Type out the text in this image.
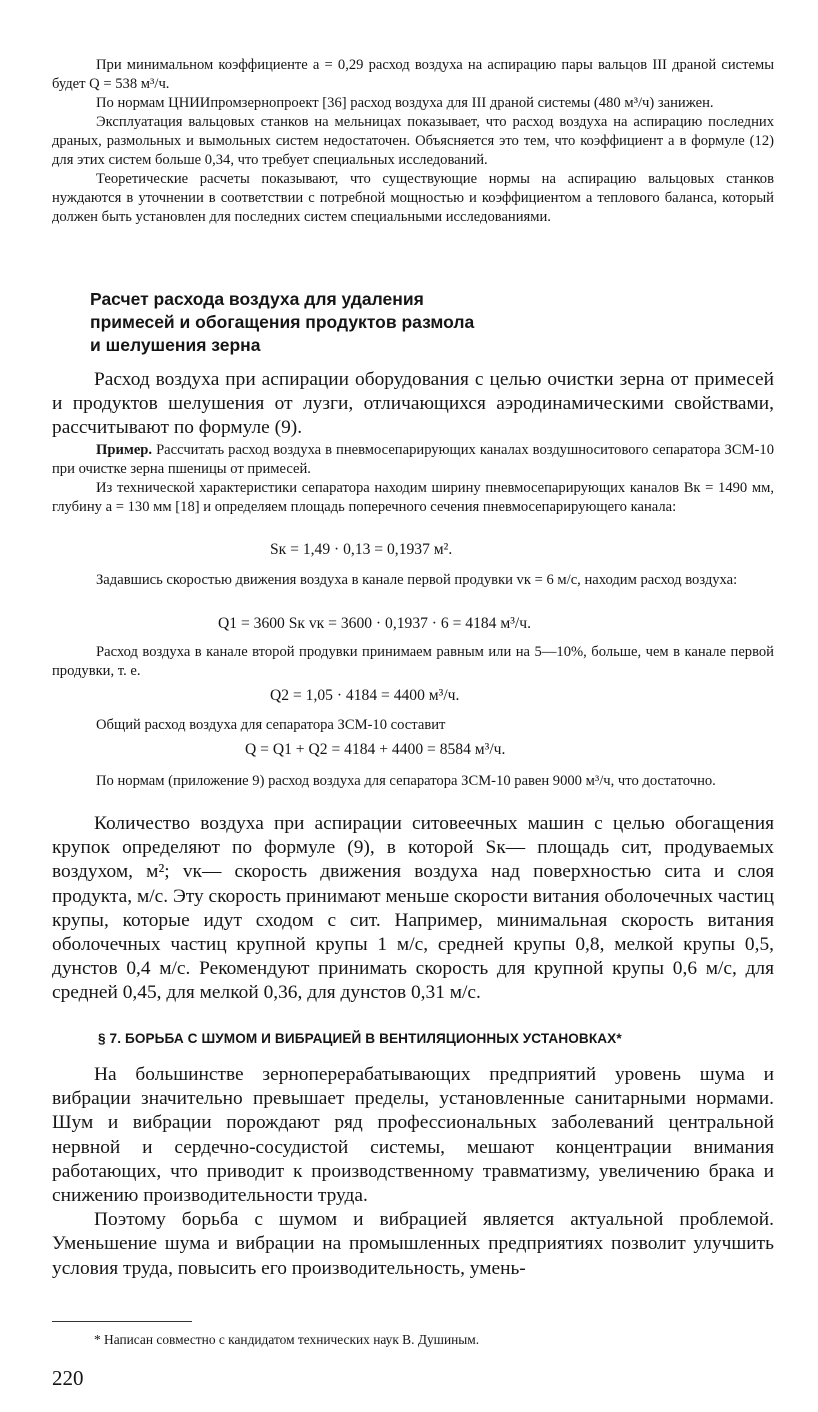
При минимальном коэффициенте a = 0,29 расход воздуха на аспирацию пары вальцов III драной системы будет Q = 538 м³/ч.

По нормам ЦНИИпромзернопроект [36] расход воздуха для III драной системы (480 м³/ч) занижен.

Эксплуатация вальцовых станков на мельницах показывает, что расход воздуха на аспирацию последних драных, размольных и вымольных систем недостаточен. Объясняется это тем, что коэффициент a в формуле (12) для этих систем больше 0,34, что требует специальных исследований.

Теоретические расчеты показывают, что существующие нормы на аспирацию вальцовых станков нуждаются в уточнении в соответствии с потребной мощностью и коэффициентом a теплового баланса, который должен быть установлен для последних систем специальными исследованиями.

Расчет расхода воздуха для удаления
примесей и обогащения продуктов размола
и шелушения зерна

Расход воздуха при аспирации оборудования с целью очистки зерна от примесей и продуктов шелушения от лузги, отличающихся аэродинамическими свойствами, рассчитывают по формуле (9).

Пример. Рассчитать расход воздуха в пневмосепарирующих каналах воздушноситового сепаратора ЗСМ-10 при очистке зерна пшеницы от примесей.

Из технической характеристики сепаратора находим ширину пневмосепарирующих каналов Bк = 1490 мм, глубину a = 130 мм [18] и определяем площадь поперечного сечения пневмосепарирующего канала:

Sк = 1,49 · 0,13 = 0,1937 м².

Задавшись скоростью движения воздуха в канале первой продувки vк = 6 м/с, находим расход воздуха:

Q1 = 3600 Sк vк = 3600 · 0,1937 · 6 = 4184 м³/ч.

Расход воздуха в канале второй продувки принимаем равным или на 5—10%, больше, чем в канале первой продувки, т. е.

Q2 = 1,05 · 4184 = 4400 м³/ч.

Общий расход воздуха для сепаратора ЗСМ-10 составит

Q = Q1 + Q2 = 4184 + 4400 = 8584 м³/ч.

По нормам (приложение 9) расход воздуха для сепаратора ЗСМ-10 равен 9000 м³/ч, что достаточно.

Количество воздуха при аспирации ситовеечных машин с целью обогащения крупок определяют по формуле (9), в которой Sк— площадь сит, продуваемых воздухом, м²; vк— скорость движения воздуха над поверхностью сита и слоя продукта, м/с. Эту скорость принимают меньше скорости витания оболочечных частиц крупы, которые идут сходом с сит. Например, минимальная скорость витания оболочечных частиц крупной крупы 1 м/с, средней крупы 0,8, мелкой крупы 0,5, дунстов 0,4 м/с. Рекомендуют принимать скорость для крупной крупы 0,6 м/с, для средней 0,45, для мелкой 0,36, для дунстов 0,31 м/с.

§ 7. БОРЬБА С ШУМОМ И ВИБРАЦИЕЙ В ВЕНТИЛЯЦИОННЫХ УСТАНОВКАХ*

На большинстве зерноперерабатывающих предприятий уровень шума и вибрации значительно превышает пределы, установленные санитарными нормами. Шум и вибрации порождают ряд профессиональных заболеваний центральной нервной и сердечно-сосудистой системы, мешают концентрации внимания работающих, что приводит к производственному травматизму, увеличению брака и снижению производительности труда.

Поэтому борьба с шумом и вибрацией является актуальной проблемой. Уменьшение шума и вибрации на промышленных предприятиях позволит улучшить условия труда, повысить его производительность, умень-

* Написан совместно с кандидатом технических наук В. Душиным.

220
